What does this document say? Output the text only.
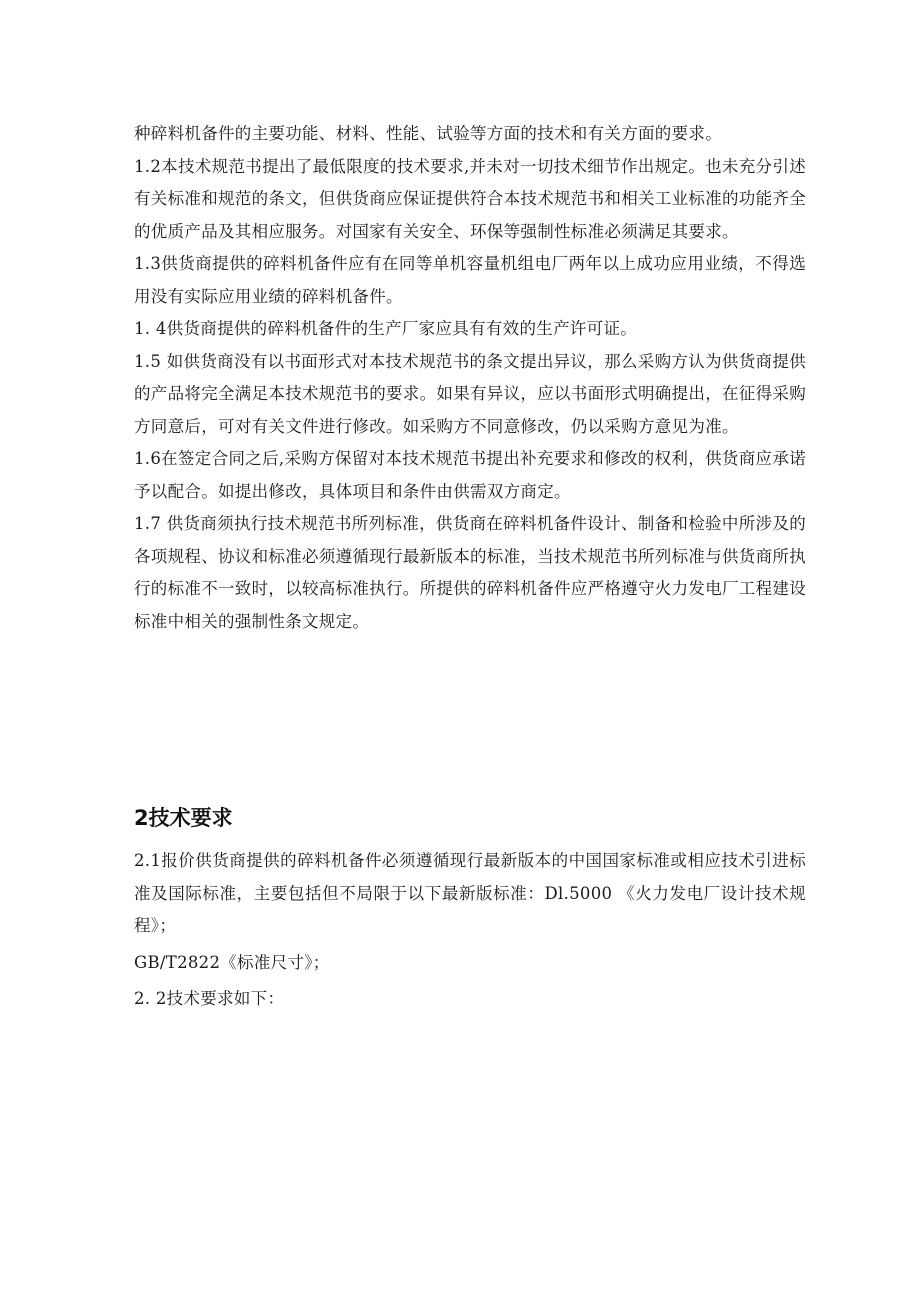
种碎料机备件的主要功能、材料、性能、试验等方面的技术和有关方面的要求。

1.2本技术规范书提出了最低限度的技术要求,并未对一切技术细节作出规定。也未充分引述有关标准和规范的条文，但供货商应保证提供符合本技术规范书和相关工业标准的功能齐全的优质产品及其相应服务。对国家有关安全、环保等强制性标准必须满足其要求。

1.3供货商提供的碎料机备件应有在同等单机容量机组电厂两年以上成功应用业绩，不得选用没有实际应用业绩的碎料机备件。

1. 4供货商提供的碎料机备件的生产厂家应具有有效的生产许可证。

1.5 如供货商没有以书面形式对本技术规范书的条文提出异议，那么采购方认为供货商提供的产品将完全满足本技术规范书的要求。如果有异议，应以书面形式明确提出，在征得采购方同意后，可对有关文件进行修改。如采购方不同意修改，仍以采购方意见为准。

1.6在签定合同之后,采购方保留对本技术规范书提出补充要求和修改的权利，供货商应承诺予以配合。如提出修改，具体项目和条件由供需双方商定。

1.7 供货商须执行技术规范书所列标准，供货商在碎料机备件设计、制备和检验中所涉及的各项规程、协议和标准必须遵循现行最新版本的标准，当技术规范书所列标准与供货商所执行的标准不一致时，以较高标准执行。所提供的碎料机备件应严格遵守火力发电厂工程建设标准中相关的强制性条文规定。

2技术要求

2.1报价供货商提供的碎料机备件必须遵循现行最新版本的中国国家标准或相应技术引进标准及国际标准，主要包括但不局限于以下最新版标准：Dl.5000 《火力发电厂设计技术规程》；

GB/T2822《标准尺寸》；

2. 2技术要求如下：
